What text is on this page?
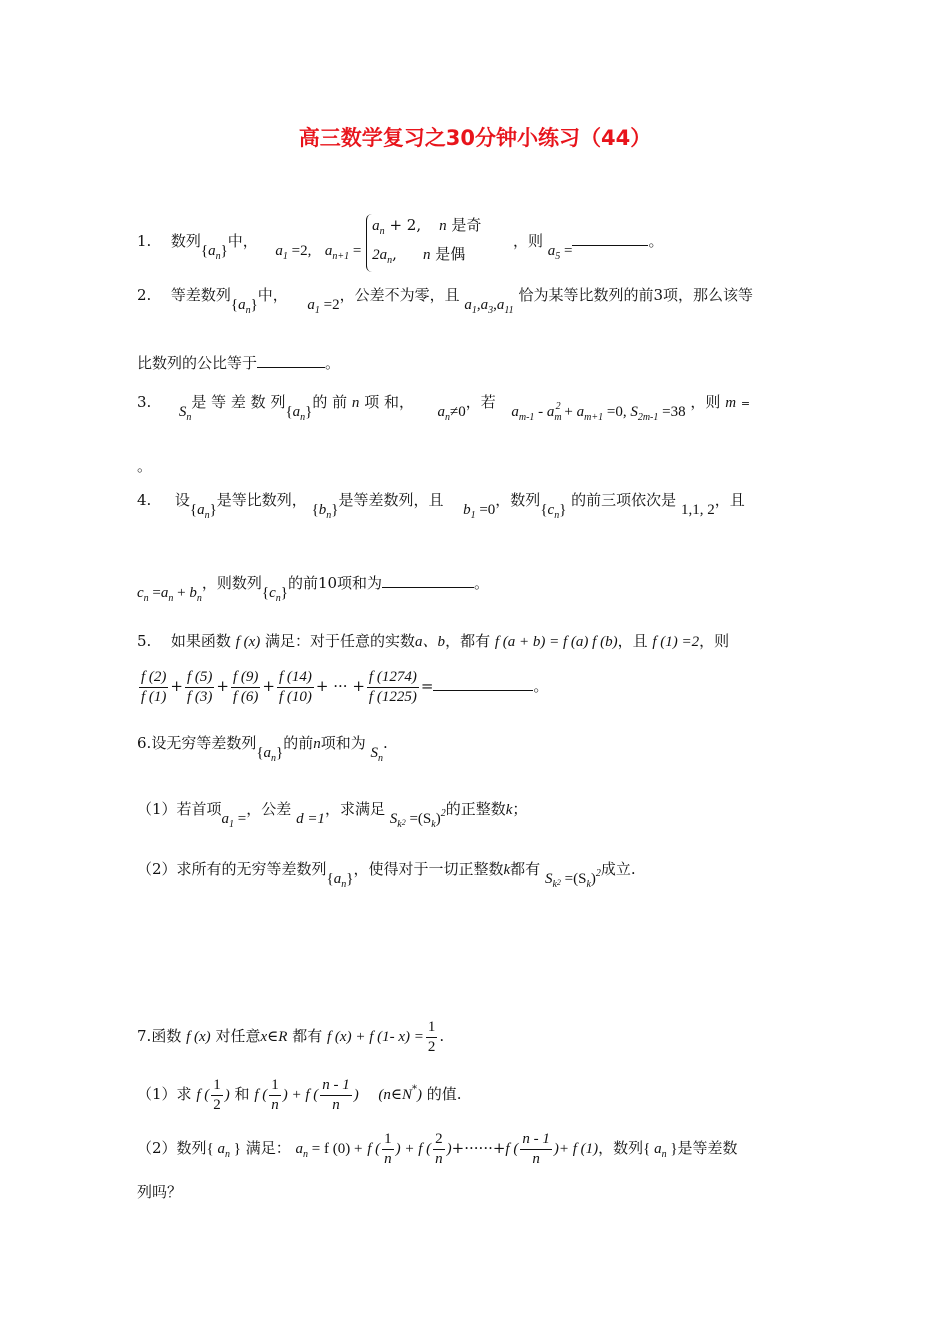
高三数学复习之30分钟小练习（44）
1. 数列$\{a_n\}$中，  $a_1 =2$, $a_{n+1}$ =
$a_n + 2$, n 是奇
$2a_n$, n 是偶
，则 $a_5$ =。
2. 等差数列$\{a_n\}$中，  $a_1 =2$，公差不为零，且 $a_1,a_3,a_{11}$ 恰为某等比数列的前3项，那么该等
比数列的公比等于	。
3.  $S_n$是 等 差 数 列$\{a_n\}$的 前 n 项 和，  $a_n\ne 0$，若  $a_{m-1} - a_m^2 + a_{m+1} =0$, $S_{2m-1} =38$ ，则 m =
。
4. 设$\{a_n\}$是等比数列， $\{b_n\}$是等差数列，且  $b_1 =0$，数列$\{c_n\}$ 的前三项依次是 1,1, 2，且
$c_n =a_n + b_n$，则数列$\{c_n\}$的前10项和为	。
5. 如果函数 f (x) 满足：对于任意的实数a、b，都有 f (a + b) = f (a) f (b)，且 f (1) =2，则
$\frac{f (2)}{f (1)} + \frac{f (5)}{f (3)} + \frac{f (9)}{f (6)} + \frac{f (14)}{f (10)}$ + ··· + $\frac{f (1274)}{f (1225)}$ =	。
6.设无穷等差数列$\{a_n\}$的前n项和为 $S_n$.
（1）若首项$a_1$ =，公差 d =1，求满足 $S_k2 =(S_k)^2$的正整数k；
（2）求所有的无穷等差数列$\{a_n\}$，使得对于一切正整数k都有 $S_k2 =(S_k)^2$成立.
7.函数 f (x) 对任意x∈R 都有 f (x) + f (1- $x) = \frac{1}{2}$ .
（1）求 f ( $\frac{1}{2}$ ) 和 f ( $\frac{1}{n}$ ) + f ( $\frac{n - 1}{n}$ ) (n∈N*) 的值.
（2）数列{ $a_n$ } 满足： $a_n = f$ (0) + f ( $\frac{1}{n}$ ) + f ( $\frac{2}{n} )+\cdot\cdot\cdot\cdot\cdot\cdot+f$ ( $\frac{n - 1}{n}$ )+ f (1)，数列{ $a_n$ }是等差数
列吗？
